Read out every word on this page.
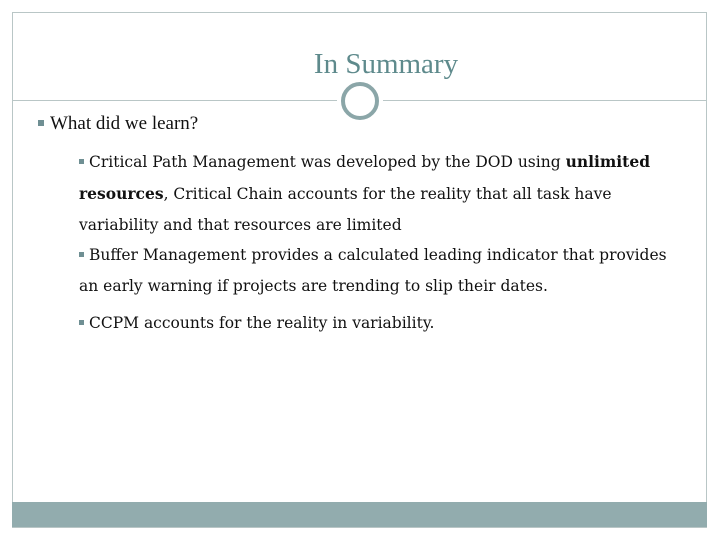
In Summary
What did we learn?
Critical Path Management was developed by the DOD using unlimited resources, Critical Chain accounts for the reality that all task have variability and that resources are limited
Buffer Management provides a calculated leading indicator that provides an early warning if projects are trending to slip their dates.
CCPM accounts for the reality in variability.
